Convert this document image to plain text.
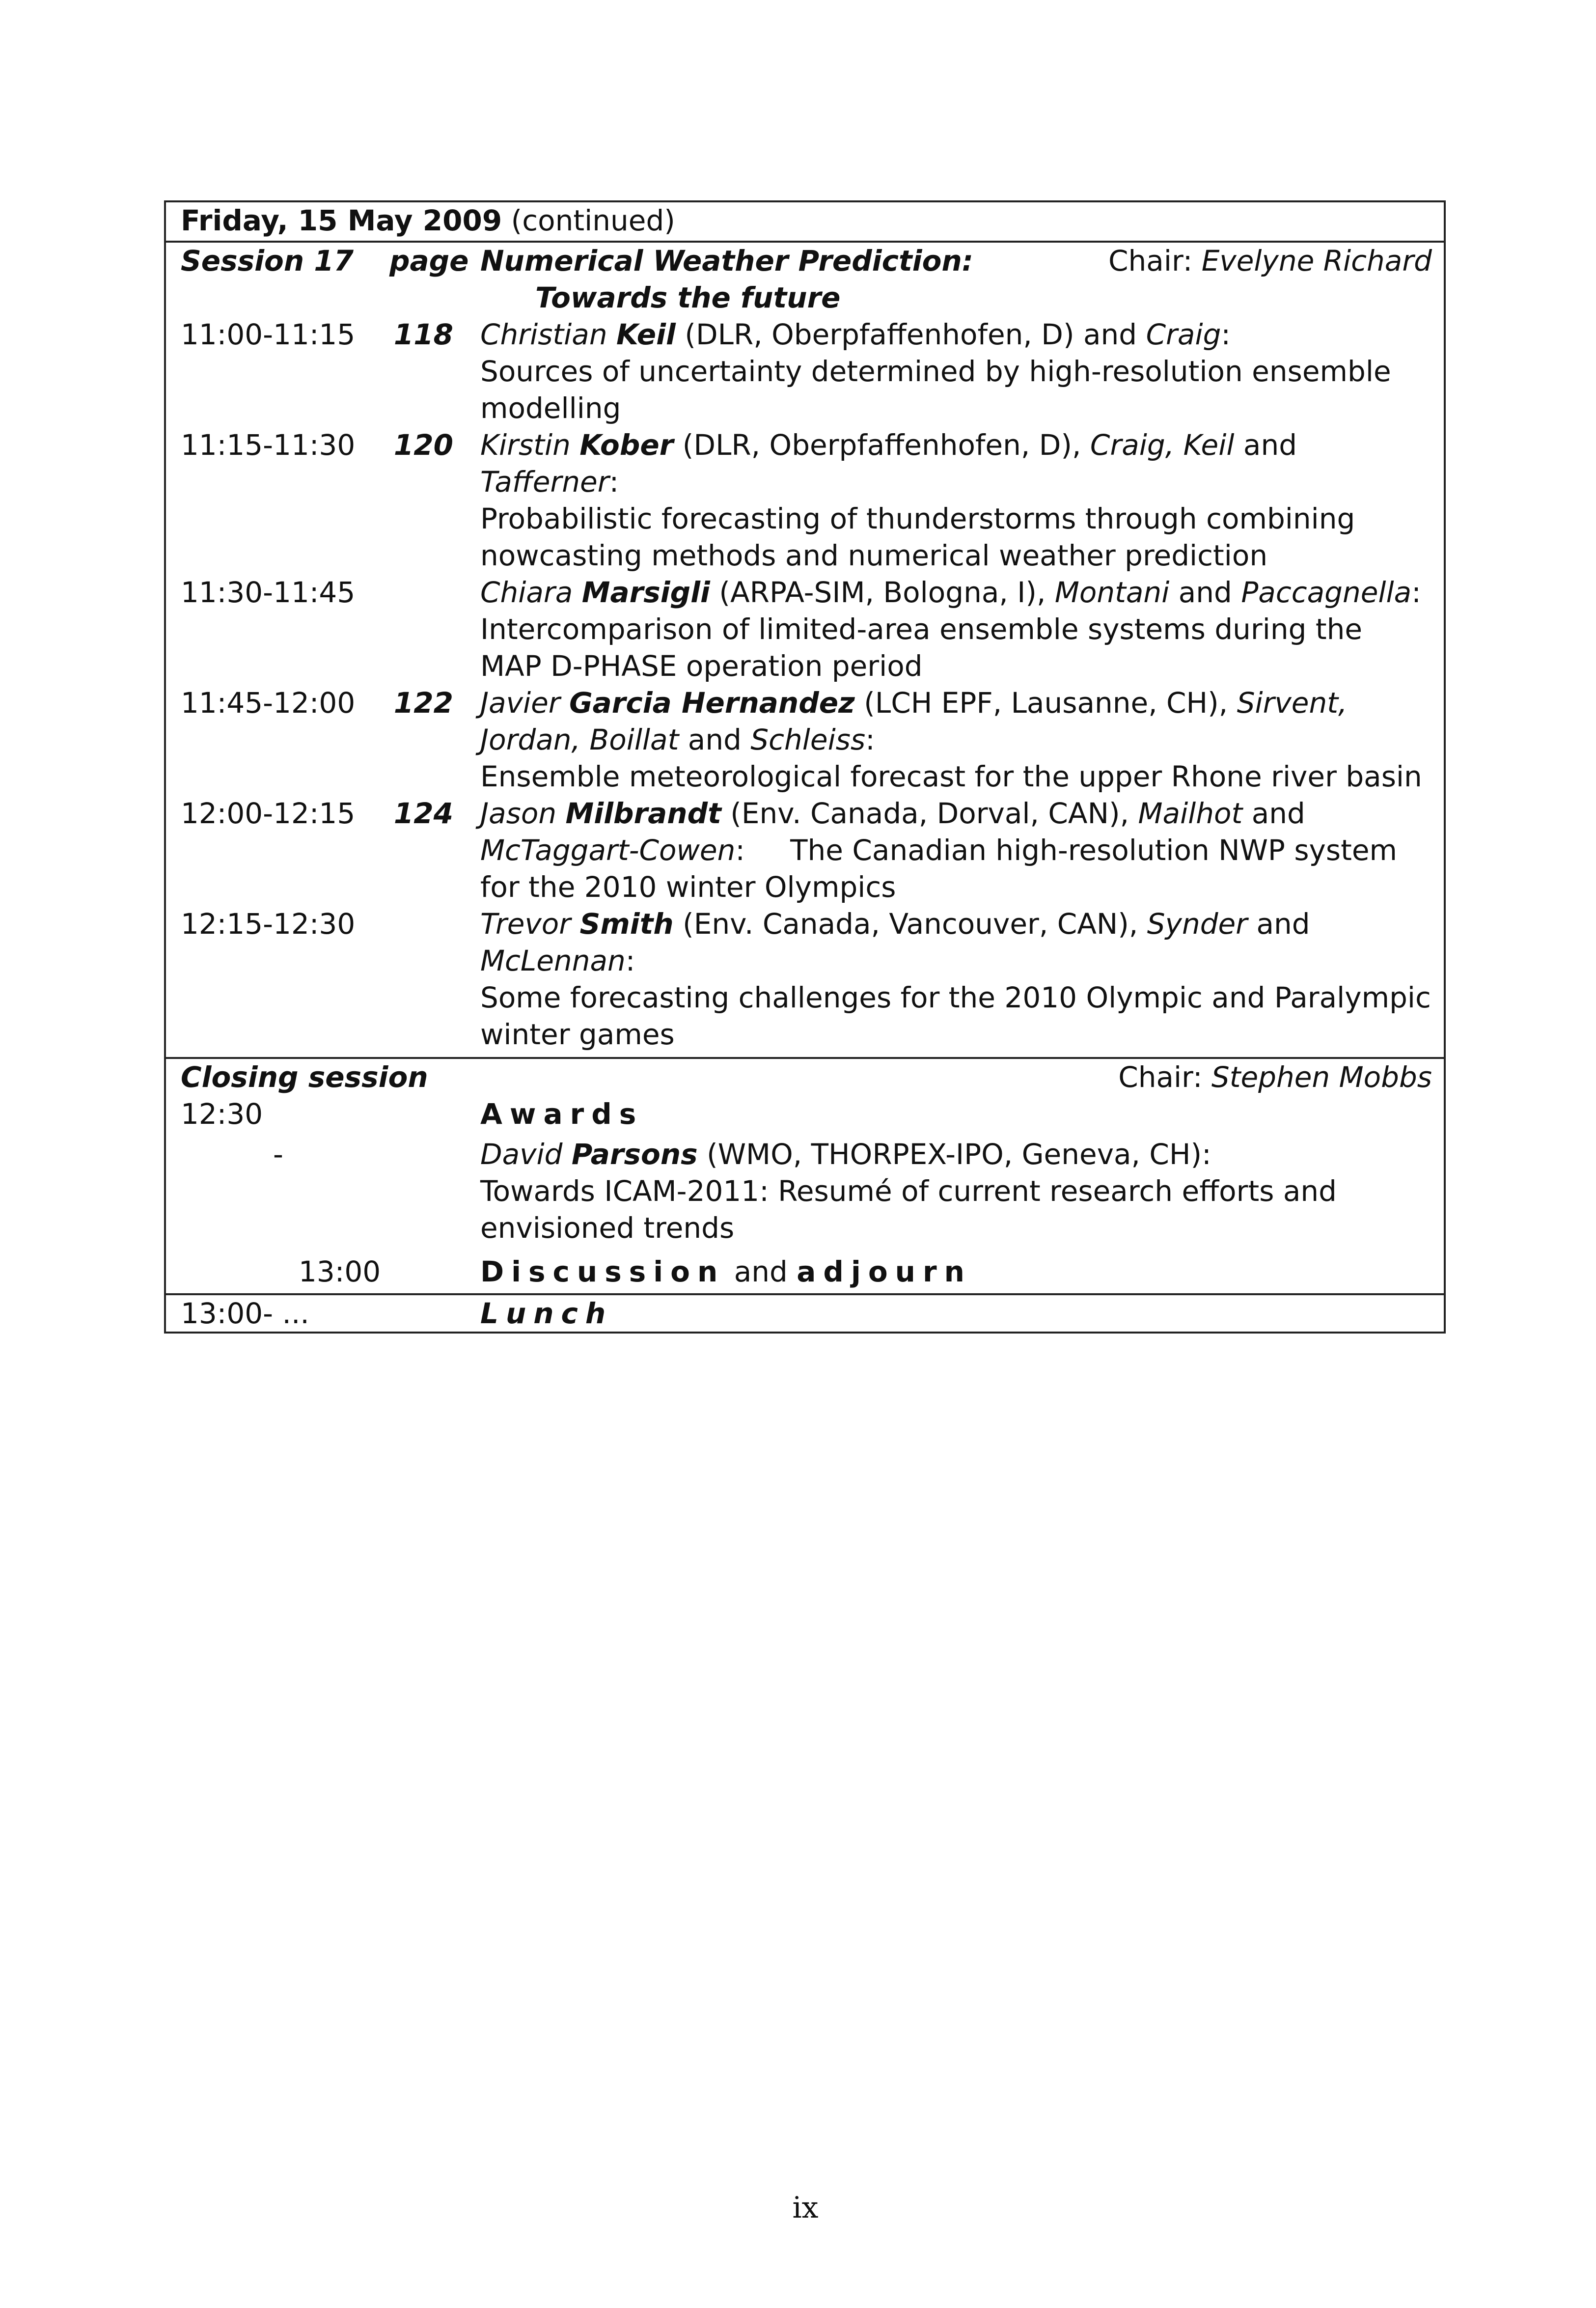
Friday, 15 May 2009 (continued)
Session 17	page Numerical Weather Prediction:	Chair: Evelyne Richard
Towards the future
11:00-11:15	118 Christian Keil (DLR, Oberpfaffenhofen, D) and Craig:
Sources of uncertainty determined by high-resolution ensemble modelling
11:15-11:30	120 Kirstin Kober (DLR, Oberpfaffenhofen, D), Craig, Keil and Tafferner:
Probabilistic forecasting of thunderstorms through combining nowcasting methods and numerical weather prediction
11:30-11:45	Chiara Marsigli (ARPA-SIM, Bologna, I), Montani and Paccagnella:
Intercomparison of limited-area ensemble systems during the MAP D-PHASE operation period
11:45-12:00	122 Javier Garcia Hernandez (LCH EPF, Lausanne, CH), Sirvent, Jordan, Boillat and Schleiss:
Ensemble meteorological forecast for the upper Rhone river basin
12:00-12:15	124 Jason Milbrandt (Env. Canada, Dorval, CAN), Mailhot and McTaggart-Cowen: The Canadian high-resolution NWP system for the 2010 winter Olympics
12:15-12:30	Trevor Smith (Env. Canada, Vancouver, CAN), Synder and McLennan:
Some forecasting challenges for the 2010 Olympic and Paralympic winter games
Closing session	Chair: Stephen Mobbs
12:30	Awards
-	David Parsons (WMO, THORPEX-IPO, Geneva, CH):
Towards ICAM-2011: Resumé of current research efforts and envisioned trends
13:00	Discussion and adjourn
13:00- ...	Lunch
ix
